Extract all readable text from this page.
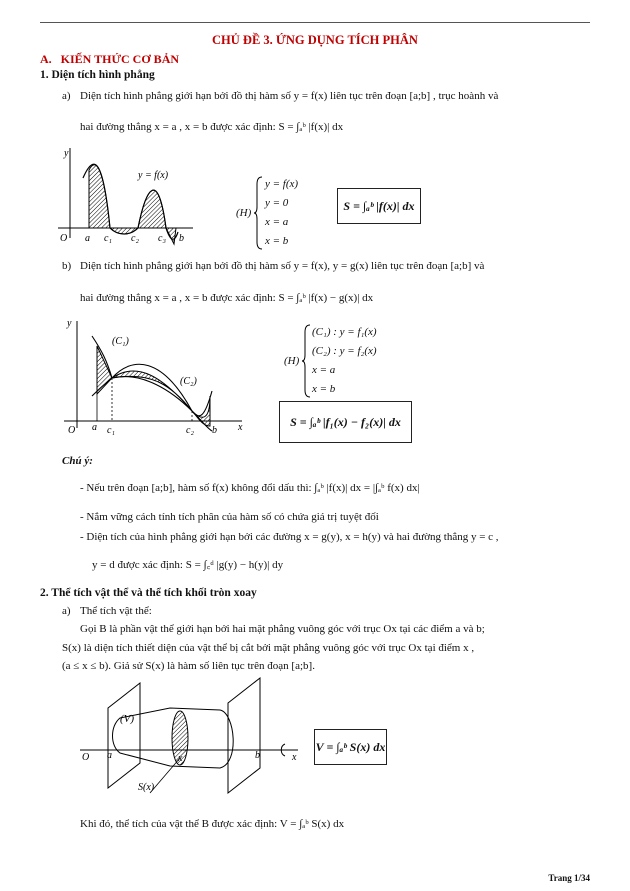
CHỦ ĐỀ 3. ỨNG DỤNG TÍCH PHÂN
A. KIẾN THỨC CƠ BẢN
1. Diện tích hình phẳng
a) Diện tích hình phẳng giới hạn bởi đồ thị hàm số y = f(x) liên tục trên đoạn [a;b] , trục hoành và
hai đường thẳng x = a , x = b được xác định: S = ∫ₐᵇ |f(x)| dx
y
y = f(x)
O a c₁ c₂ c₃ b
(H)
y = f(x)
y = 0
x = a
x = b
S = ∫ₐᵇ |f(x)| dx
b) Diện tích hình phẳng giới hạn bởi đồ thị hàm số y = f(x), y = g(x) liên tục trên đoạn [a;b] và
hai đường thẳng x = a , x = b được xác định: S = ∫ₐᵇ |f(x) − g(x)| dx
y
(C₁)
(C₂)
O a c₁	c₂ b x
(H)
(C₁) : y = f₁(x)
(C₂) : y = f₂(x)
x = a
x = b
S = ∫ₐᵇ |f₁(x) − f₂(x)| dx
Chú ý:
- Nếu trên đoạn [a;b], hàm số f(x) không đổi dấu thì: ∫ₐᵇ |f(x)| dx = |∫ₐᵇ f(x) dx|
- Nắm vững cách tính tích phân của hàm số có chứa giá trị tuyệt đối
- Diện tích của hình phẳng giới hạn bởi các đường x = g(y), x = h(y) và hai đường thẳng y = c ,
y = d được xác định: S = ∫꜀ᵈ |g(y) − h(y)| dy
2. Thể tích vật thể và thể tích khối tròn xoay
a) Thể tích vật thể:
Gọi B là phần vật thể giới hạn bởi hai mặt phẳng vuông góc với trục Ox tại các điểm a và b;
S(x) là diện tích thiết diện của vật thể bị cắt bởi mặt phẳng vuông góc với trục Ox tại điểm x ,
(a ≤ x ≤ b). Giả sử S(x) là hàm số liên tục trên đoạn [a;b].
(V)
O a	x	b	x
S(x)
V = ∫ₐᵇ S(x) dx
Khi đó, thể tích của vật thể B được xác định: V = ∫ₐᵇ S(x) dx
Trang 1/34
